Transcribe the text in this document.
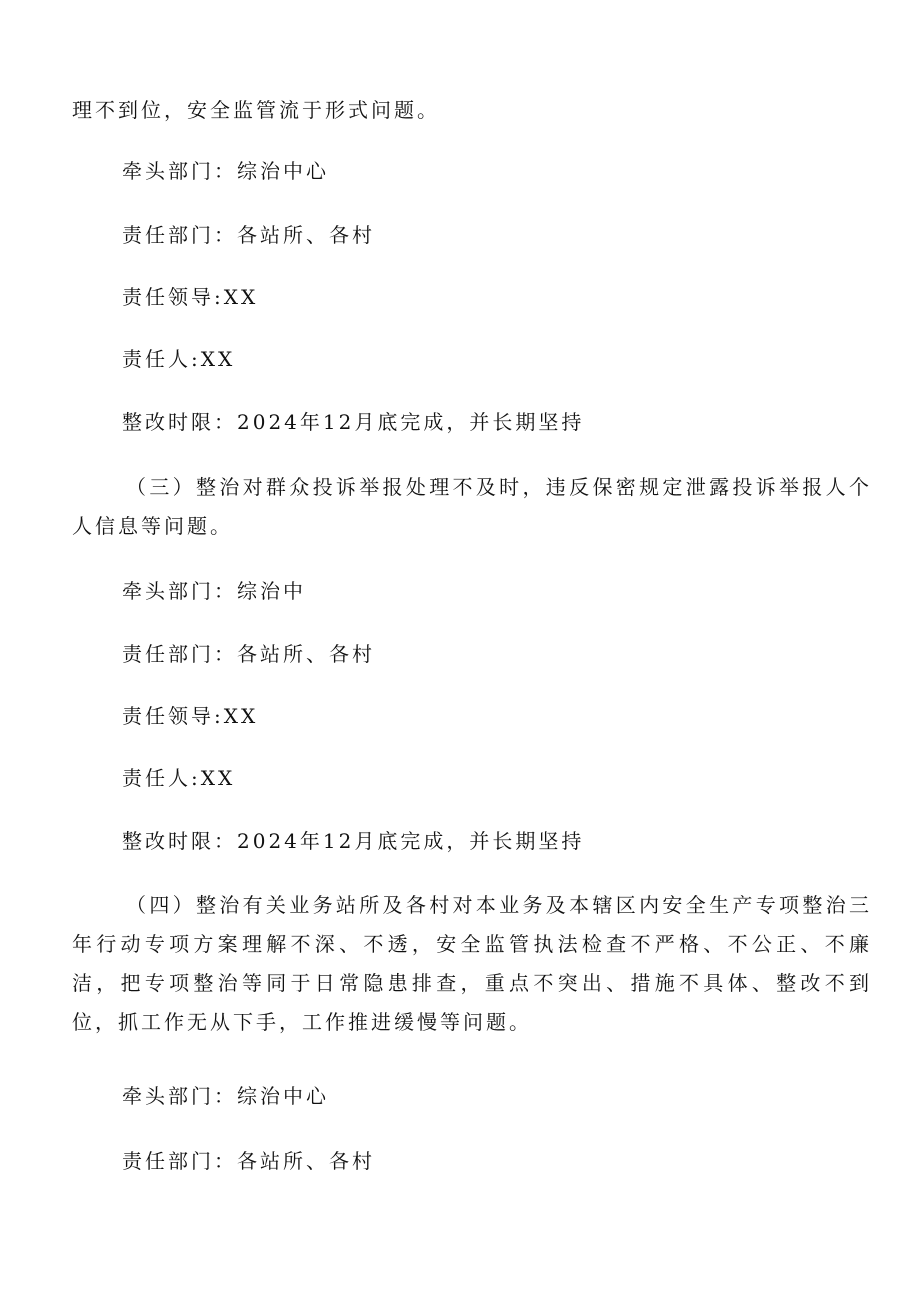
理不到位，安全监管流于形式问题。
牵头部门：综治中心
责任部门：各站所、各村
责任领导:XX
责任人:XX
整改时限：2024年12月底完成，并长期坚持

（三）整治对群众投诉举报处理不及时，违反保密规定泄露投诉举报人个人信息等问题。

牵头部门：综治中
责任部门：各站所、各村
责任领导:XX
责任人:XX
整改时限：2024年12月底完成，并长期坚持

（四）整治有关业务站所及各村对本业务及本辖区内安全生产专项整治三年行动专项方案理解不深、不透，安全监管执法检查不严格、不公正、不廉洁，把专项整治等同于日常隐患排查，重点不突出、措施不具体、整改不到位，抓工作无从下手，工作推进缓慢等问题。

牵头部门：综治中心
责任部门：各站所、各村
